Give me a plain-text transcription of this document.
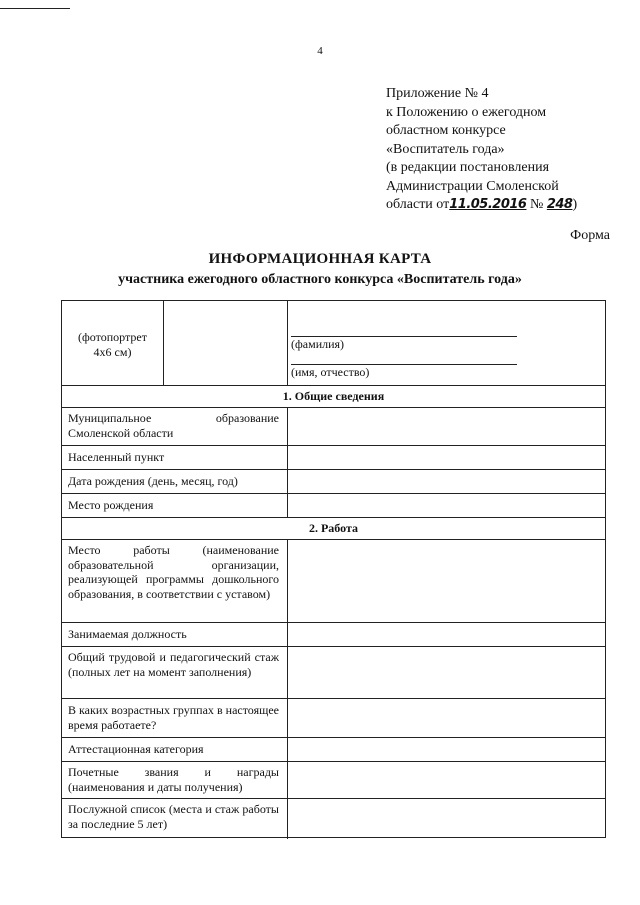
4
Приложение № 4
к Положению о ежегодном
областном конкурсе
«Воспитатель года»
(в редакции постановления
Администрации Смоленской
области от11.05.2016 № 248)
Форма
ИНФОРМАЦИОННАЯ КАРТА
участника ежегодного областного конкурса «Воспитатель года»
(фотопортрет
4х6 см)
(фамилия)
(имя, отчество)
1. Общие сведения
Муниципальное образование Смоленской области
Населенный пункт
Дата рождения (день, месяц, год)
Место рождения
2. Работа
Место работы (наименование образовательной организации, реализующей программы дошкольного образования, в соответствии с уставом)
Занимаемая должность
Общий трудовой и педагогический стаж (полных лет на момент заполнения)
В каких возрастных группах в настоящее время работаете?
Аттестационная категория
Почетные звания и награды (наименования и даты получения)
Послужной список (места и стаж работы за последние 5 лет)
